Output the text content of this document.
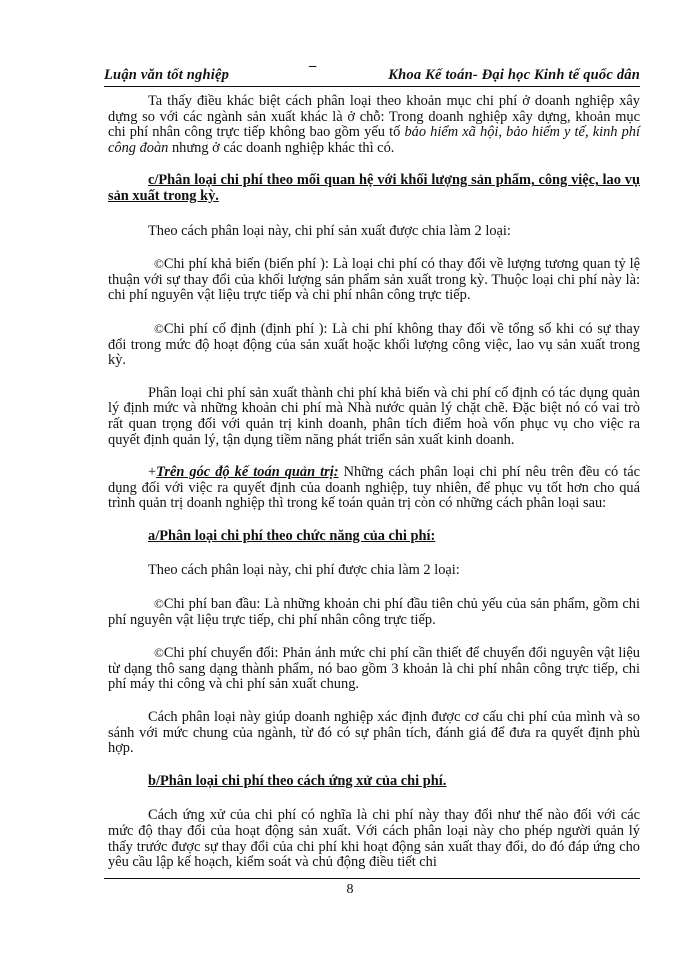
Luận văn tốt nghiệp
–
Khoa Kế toán- Đại học Kinh tế quốc dân

Ta thấy điều khác biệt cách phân loại theo khoản mục chi phí ở doanh nghiệp xây dựng so với các ngành sản xuất khác là ở chỗ: Trong doanh nghiệp xây dựng, khoản mục chi phí nhân công trực tiếp không bao gồm yếu tố bảo hiểm xã hội, bảo hiểm y tế, kinh phí công đoàn nhưng ở các doanh nghiệp khác thì có.

c/Phân loại chi phí theo mối quan hệ với khối lượng sản phẩm, công việc, lao vụ sản xuất trong kỳ.

Theo cách phân loại này, chi phí sản xuất được chia làm 2 loại:

©Chi phí khả biến (biến phí ): Là loại chi phí có thay đổi về lượng tương quan tỷ lệ thuận với sự thay đổi của khối lượng sản phẩm sản xuất trong kỳ. Thuộc loại chi phí này là: chi phí nguyên vật liệu trực tiếp và chi phí nhân công trực tiếp.

©Chi phí cố định (định phí ): Là chi phí không thay đổi về tổng số khi có sự thay đổi trong mức độ hoạt động của sản xuất hoặc khối lượng công việc, lao vụ sản xuất trong kỳ.

Phân loại chi phí sản xuất thành chi phí khả biến và chi phí cố định có tác dụng quản lý định mức và những khoản chi phí mà Nhà nước quản lý chặt chẽ. Đặc biệt nó có vai trò rất quan trọng đối với quản trị kinh doanh, phân tích điểm hoà vốn phục vụ cho việc ra quyết định quản lý, tận dụng tiềm năng phát triển sản xuất kinh doanh.

+Trên góc độ kế toán quản trị: Những cách phân loại chi phí nêu trên đều có tác dụng đối với việc ra quyết định của doanh nghiệp, tuy nhiên, để phục vụ tốt hơn cho quá trình quản trị doanh nghiệp thì trong kế toán quản trị còn có những cách phân loại sau:

a/Phân loại chi phí theo chức năng của chi phí:

Theo cách phân loại này, chi phí được chia làm 2 loại:

©Chi phí ban đầu: Là những khoản chi phí đầu tiên chủ yếu của sản phẩm, gồm chi phí nguyên vật liệu trực tiếp, chi phí nhân công trực tiếp.

©Chi phí chuyển đổi: Phản ánh mức chi phí cần thiết để chuyển đổi nguyên vật liệu từ dạng thô sang dạng thành phẩm, nó bao gồm 3 khoản là chi phí nhân công trực tiếp, chi phí máy thi công và chi phí sản xuất chung.

Cách phân loại này giúp doanh nghiệp xác định được cơ cấu chi phí của mình và so sánh với mức chung của ngành, từ đó có sự phân tích, đánh giá để đưa ra quyết định phù hợp.

b/Phân loại chi phí theo cách ứng xử của chi phí.

Cách ứng xử của chi phí có nghĩa là chi phí này thay đổi như thế nào đối với các mức độ thay đổi của hoạt động sản xuất. Với cách phân loại này cho phép người quản lý thấy trước được sự thay đổi của chi phí khi hoạt động sản xuất thay đổi, do đó đáp ứng cho yêu cầu lập kế hoạch, kiểm soát và chủ động điều tiết chi

8
